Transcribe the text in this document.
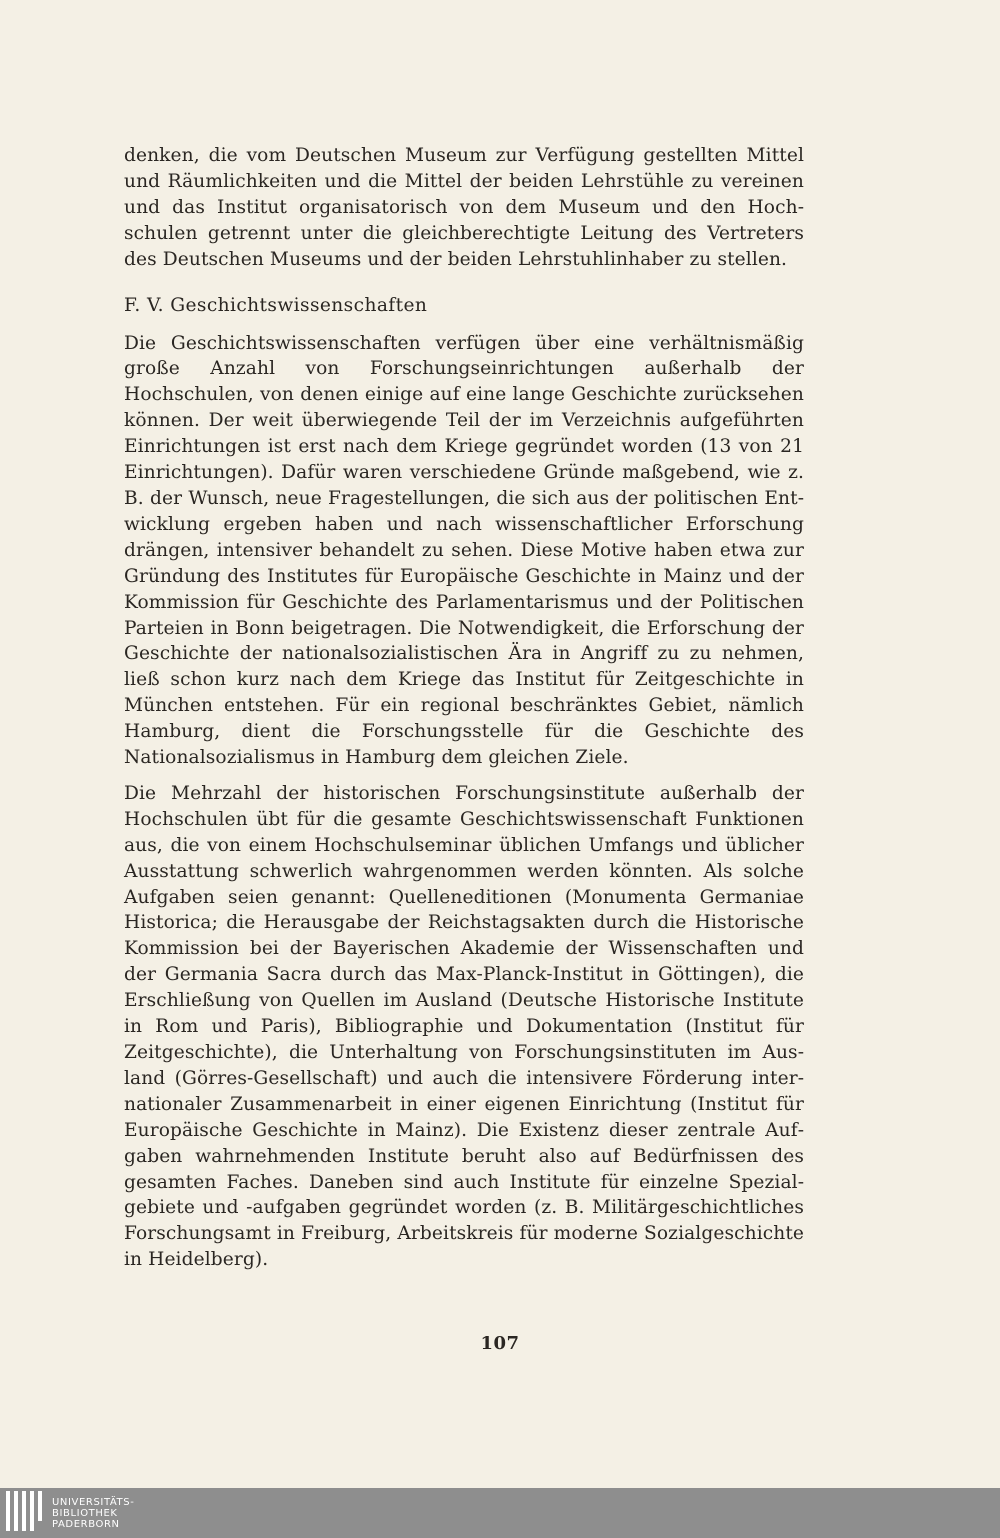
denken, die vom Deutschen Museum zur Verfügung gestellten Mittel und Räumlichkeiten und die Mittel der beiden Lehrstühle zu vereinen und das Institut organisatorisch von dem Museum und den Hochschulen getrennt unter die gleichberechtigte Leitung des Vertreters des Deutschen Museums und der beiden Lehrstuhlinhaber zu stellen.

F. V. Geschichtswissenschaften

Die Geschichtswissenschaften verfügen über eine verhältnismäßig große Anzahl von Forschungseinrichtungen außerhalb der Hochschulen, von denen einige auf eine lange Geschichte zurücksehen können. Der weit überwiegende Teil der im Verzeichnis aufgeführten Einrichtungen ist erst nach dem Kriege gegründet worden (13 von 21 Einrichtungen). Dafür waren verschiedene Gründe maßgebend, wie z. B. der Wunsch, neue Fragestellungen, die sich aus der politischen Entwicklung ergeben haben und nach wissenschaftlicher Erforschung drängen, intensiver behandelt zu sehen. Diese Motive haben etwa zur Gründung des Institutes für Europäische Geschichte in Mainz und der Kommission für Geschichte des Parlamentarismus und der Politischen Parteien in Bonn beigetragen. Die Notwendigkeit, die Erforschung der Geschichte der nationalsozialistischen Ära in Angriff zu zu nehmen, ließ schon kurz nach dem Kriege das Institut für Zeitgeschichte in München entstehen. Für ein regional beschränktes Gebiet, nämlich Hamburg, dient die Forschungsstelle für die Geschichte des Nationalsozialismus in Hamburg dem gleichen Ziele.

Die Mehrzahl der historischen Forschungsinstitute außerhalb der Hochschulen übt für die gesamte Geschichtswissenschaft Funktionen aus, die von einem Hochschulseminar üblichen Umfangs und üblicher Ausstattung schwerlich wahrgenommen werden könnten. Als solche Aufgaben seien genannt: Quelleneditionen (Monumenta Germaniae Historica; die Herausgabe der Reichstagsakten durch die Historische Kommission bei der Bayerischen Akademie der Wissenschaften und der Germania Sacra durch das Max-Planck-Institut in Göttingen), die Erschließung von Quellen im Ausland (Deutsche Historische Institute in Rom und Paris), Bibliographie und Dokumentation (Institut für Zeitgeschichte), die Unterhaltung von Forschungsinstituten im Ausland (Görres-Gesellschaft) und auch die intensivere Förderung internationaler Zusammenarbeit in einer eigenen Einrichtung (Institut für Europäische Geschichte in Mainz). Die Existenz dieser zentrale Aufgaben wahrnehmenden Institute beruht also auf Bedürfnissen des gesamten Faches. Daneben sind auch Institute für einzelne Spezialgebiete und -aufgaben gegründet worden (z. B. Militärgeschichtliches Forschungsamt in Freiburg, Arbeitskreis für moderne Sozialgeschichte in Heidelberg).

107
UNIVERSITÄTS-
BIBLIOTHEK
PADERBORN
